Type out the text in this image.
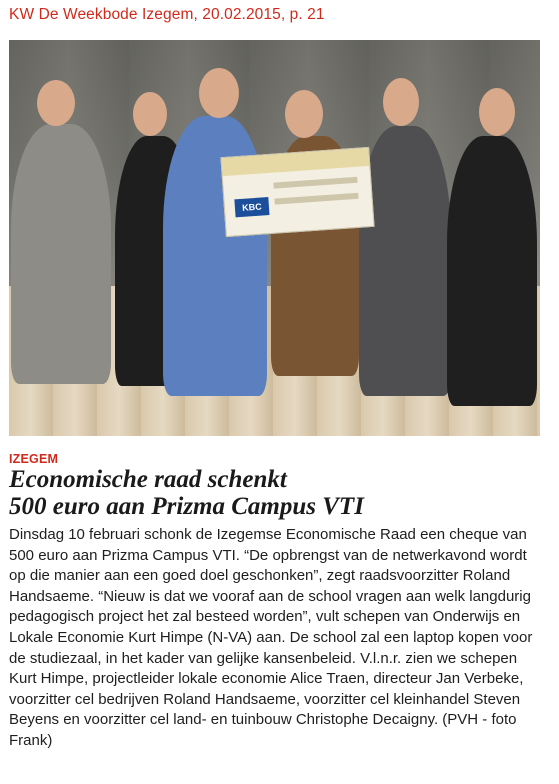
KW De Weekbode Izegem, 20.02.2015, p. 21
KBC
IZEGEM
Economische raad schenkt
500 euro aan Prizma Campus VTI

Dinsdag 10 februari schonk de Izegemse Economische Raad een cheque van 500 euro aan Prizma Campus VTI. “De opbrengst van de netwerkavond wordt op die manier aan een goed doel geschonken”, zegt raadsvoorzitter Roland Handsaeme. “Nieuw is dat we vooraf aan de school vragen aan welk langdurig pedagogisch project het zal besteed worden”, vult schepen van Onderwijs en Lokale Economie Kurt Himpe (N-VA) aan. De school zal een laptop kopen voor de studiezaal, in het kader van gelijke kansenbeleid. V.l.n.r. zien we schepen Kurt Himpe, projectleider lokale economie Alice Traen, directeur Jan Verbeke, voorzitter cel bedrijven Roland Handsaeme, voorzitter cel kleinhandel Steven Beyens en voorzitter cel land- en tuinbouw Christophe Decaigny. (PVH - foto Frank)
